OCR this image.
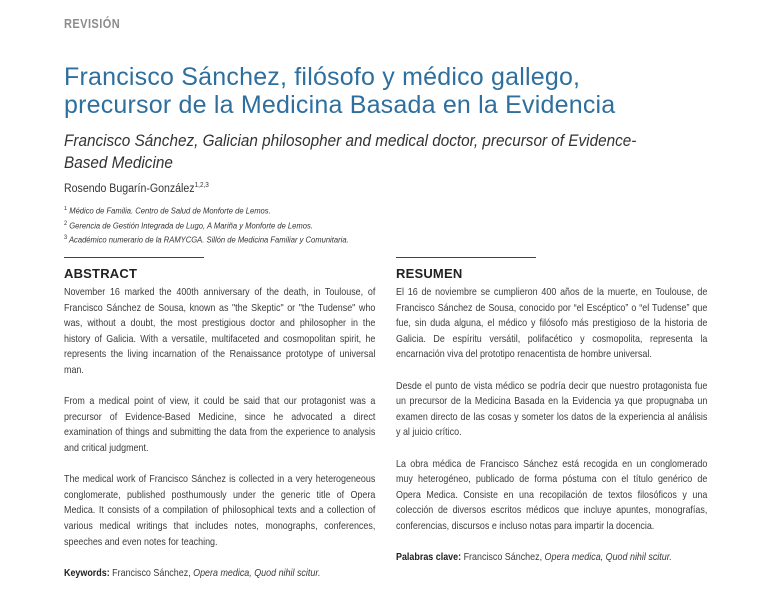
REVISIÓN
Francisco Sánchez, filósofo y médico gallego,
precursor de la Medicina Basada en la Evidencia
Francisco Sánchez, Galician philosopher and medical doctor, precursor of Evidence-Based Medicine
Rosendo Bugarín-González$^{1,2,3}$
$^1$ Médico de Familia. Centro de Salud de Monforte de Lemos.
$^2$ Gerencia de Gestión Integrada de Lugo, A Mariña y Monforte de Lemos.
$^3$ Académico numerario de la RAMYCGA. Sillón de Medicina Familiar y Comunitaria.
ABSTRACT

November 16 marked the 400th anniversary of the death, in Toulouse, of Francisco Sánchez de Sousa, known as "the Skeptic" or "the Tudense" who was, without a doubt, the most prestigious doctor and philosopher in the history of Galicia. With a versatile, multifaceted and cosmopolitan spirit, he represents the living incarnation of the Renaissance prototype of universal man.

From a medical point of view, it could be said that our protagonist was a precursor of Evidence-Based Medicine, since he advocated a direct examination of things and submitting the data from the experience to analysis and critical judgment.

The medical work of Francisco Sánchez is collected in a very heterogeneous conglomerate, published posthumously under the generic title of Opera Medica. It consists of a compilation of philosophical texts and a collection of various medical writings that includes notes, monographs, conferences, speeches and even notes for teaching.

Keywords: Francisco Sánchez, Opera medica, Quod nihil scitur.
RESUMEN

El 16 de noviembre se cumplieron 400 años de la muerte, en Toulouse, de Francisco Sánchez de Sousa, conocido por “el Escéptico” o “el Tudense” que fue, sin duda alguna, el médico y filósofo más prestigioso de la historia de Galicia. De espíritu versátil, polifacético y cosmopolita, representa la encarnación viva del prototipo renacentista de hombre universal.

Desde el punto de vista médico se podría decir que nuestro protagonista fue un precursor de la Medicina Basada en la Evidencia ya que propugnaba un examen directo de las cosas y someter los datos de la experiencia al análisis y al juicio crítico.

La obra médica de Francisco Sánchez está recogida en un conglomerado muy heterogéneo, publicado de forma póstuma con el título genérico de Opera Medica. Consiste en una recopilación de textos filosóficos y una colección de diversos escritos médicos que incluye apuntes, monografías, conferencias, discursos e incluso notas para impartir la docencia.

Palabras clave: Francisco Sánchez, Opera medica, Quod nihil scitur.
